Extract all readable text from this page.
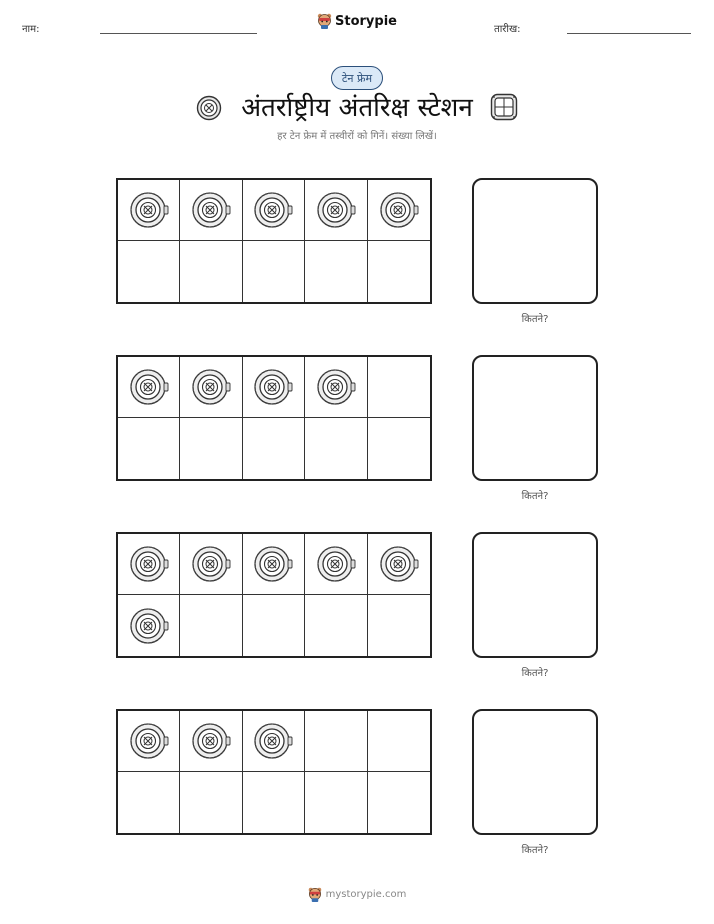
नाम:
Storypie
तारीख:
टेन फ्रेम
अंतर्राष्ट्रीय अंतरिक्ष स्टेशन
हर टेन फ्रेम में तस्वीरों को गिनें। संख्या लिखें।
कितने?
कितने?
कितने?
कितने?
mystorypie.com
